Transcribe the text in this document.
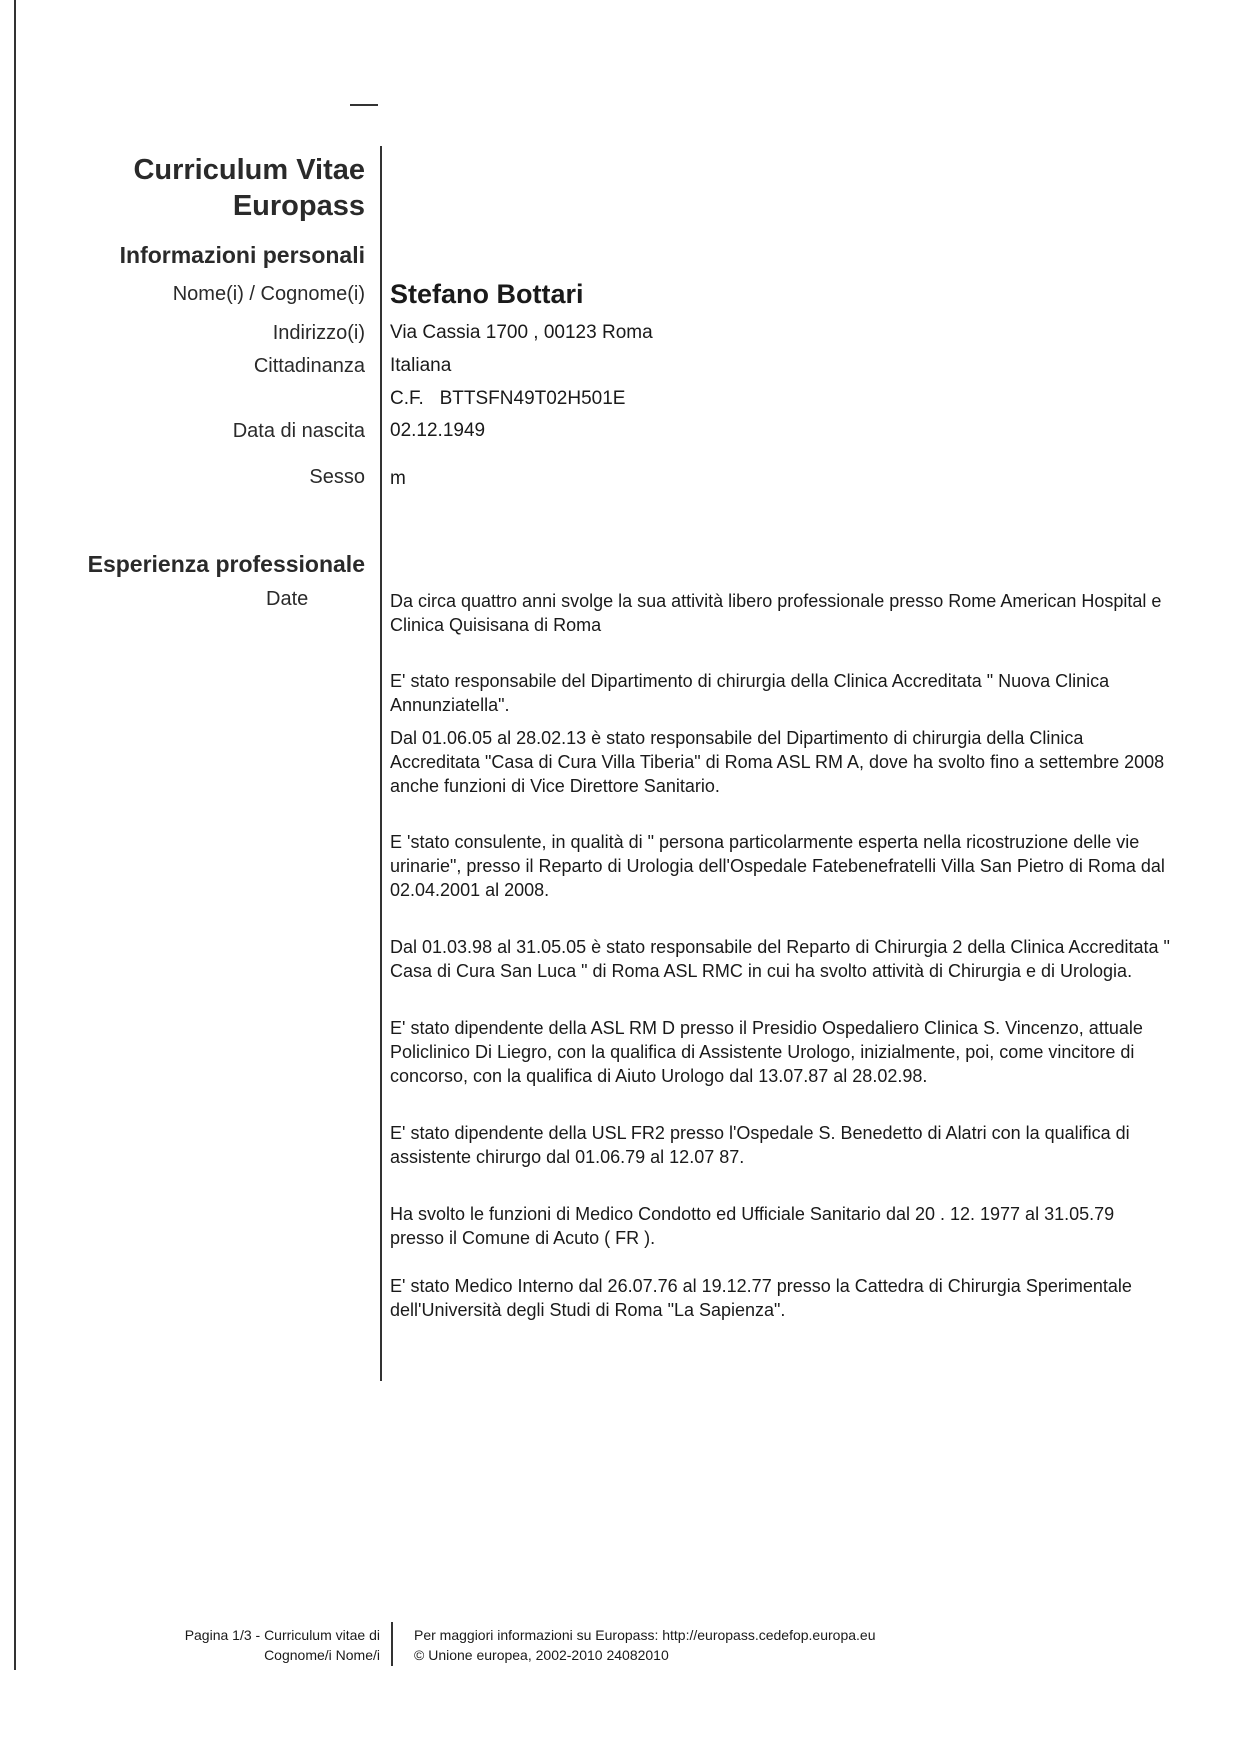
Curriculum Vitae
Europass
Informazioni personali
Nome(i) / Cognome(i) Stefano Bottari
Indirizzo(i) Via Cassia 1700 , 00123 Roma
Cittadinanza Italiana
C.F.   BTTSFN49T02H501E
Data di nascita 02.12.1949
Sesso m
Esperienza professionale
Date	Da circa quattro anni svolge la sua attività libero professionale presso Rome American Hospital e Clinica Quisisana di Roma
E' stato responsabile del Dipartimento di chirurgia della Clinica Accreditata " Nuova Clinica Annunziatella".
Dal 01.06.05 al 28.02.13 è stato responsabile del Dipartimento di chirurgia della Clinica Accreditata "Casa di Cura Villa Tiberia" di Roma ASL RM A, dove ha svolto fino a settembre 2008 anche funzioni di Vice Direttore Sanitario.
E 'stato consulente, in qualità di " persona particolarmente esperta nella ricostruzione delle vie urinarie", presso il Reparto di Urologia dell'Ospedale Fatebenefratelli Villa San Pietro di Roma dal 02.04.2001 al 2008.
Dal 01.03.98 al 31.05.05 è stato responsabile del Reparto di Chirurgia 2 della Clinica Accreditata " Casa di Cura San Luca " di Roma ASL RMC in cui ha svolto attività di Chirurgia e di Urologia.
E' stato dipendente della ASL RM D presso il Presidio Ospedaliero Clinica S. Vincenzo, attuale Policlinico Di Liegro, con la qualifica di Assistente Urologo, inizialmente, poi, come vincitore di concorso, con la qualifica di Aiuto Urologo dal 13.07.87 al 28.02.98.
E' stato dipendente della USL FR2 presso l'Ospedale S. Benedetto di Alatri con la qualifica di assistente chirurgo dal 01.06.79 al 12.07 87.
Ha svolto le funzioni di Medico Condotto ed Ufficiale Sanitario dal 20 . 12. 1977 al 31.05.79 presso il Comune di Acuto ( FR ).
E' stato Medico Interno dal 26.07.76 al 19.12.77 presso la Cattedra di Chirurgia Sperimentale dell'Università degli Studi di Roma "La Sapienza".
Pagina 1/3 - Curriculum vitae di
Cognome/i Nome/i
Per maggiori informazioni su Europass: http://europass.cedefop.europa.eu
© Unione europea, 2002-2010 24082010
